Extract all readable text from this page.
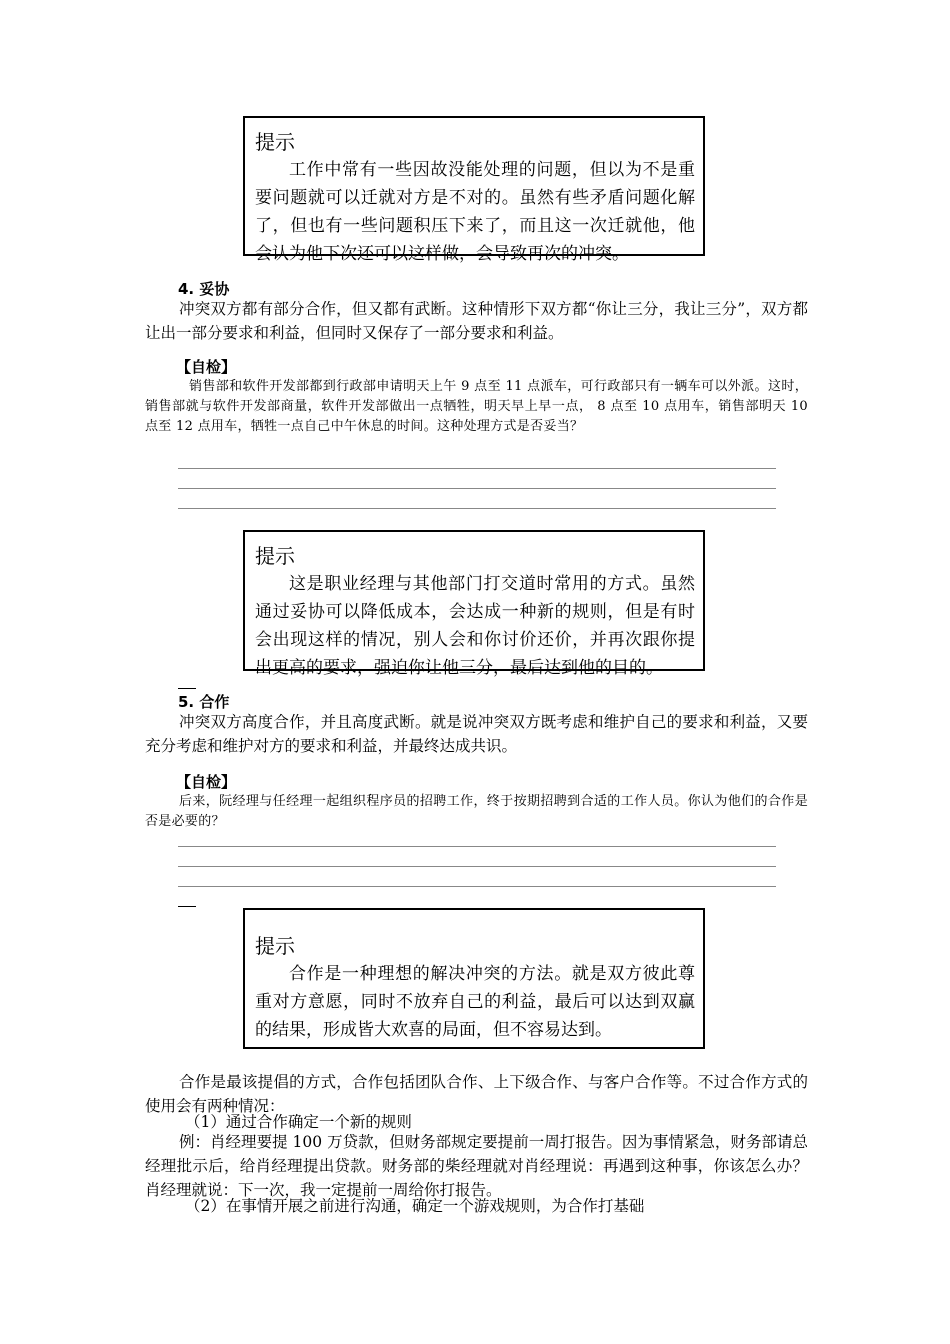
提示
工作中常有一些因故没能处理的问题，但以为不是重要问题就可以迁就对方是不对的。虽然有些矛盾问题化解了，但也有一些问题积压下来了，而且这一次迁就他，他会认为他下次还可以这样做，会导致再次的冲突。
4. 妥协
冲突双方都有部分合作，但又都有武断。这种情形下双方都“你让三分，我让三分”，双方都让出一部分要求和利益，但同时又保存了一部分要求和利益。
【自检】
销售部和软件开发部都到行政部申请明天上午 9 点至 11 点派车，可行政部只有一辆车可以外派。这时，销售部就与软件开发部商量，软件开发部做出一点牺牲，明天早上早一点， 8 点至 10 点用车，销售部明天 10 点至 12 点用车，牺牲一点自己中午休息的时间。这种处理方式是否妥当？
提示
这是职业经理与其他部门打交道时常用的方式。虽然通过妥协可以降低成本，会达成一种新的规则，但是有时会出现这样的情况，别人会和你讨价还价，并再次跟你提出更高的要求，强迫你让他三分，最后达到他的目的。
5. 合作
冲突双方高度合作，并且高度武断。就是说冲突双方既考虑和维护自己的要求和利益，又要充分考虑和维护对方的要求和利益，并最终达成共识。
【自检】
后来，阮经理与任经理一起组织程序员的招聘工作，终于按期招聘到合适的工作人员。你认为他们的合作是否是必要的？
提示
合作是一种理想的解决冲突的方法。就是双方彼此尊重对方意愿，同时不放弃自己的利益，最后可以达到双赢的结果，形成皆大欢喜的局面，但不容易达到。
合作是最该提倡的方式，合作包括团队合作、上下级合作、与客户合作等。不过合作方式的使用会有两种情况：
（1）通过合作确定一个新的规则
例：肖经理要提 100 万贷款，但财务部规定要提前一周打报告。因为事情紧急，财务部请总经理批示后，给肖经理提出贷款。财务部的柴经理就对肖经理说：再遇到这种事，你该怎么办？肖经理就说：下一次，我一定提前一周给你打报告。
（2）在事情开展之前进行沟通，确定一个游戏规则，为合作打基础
